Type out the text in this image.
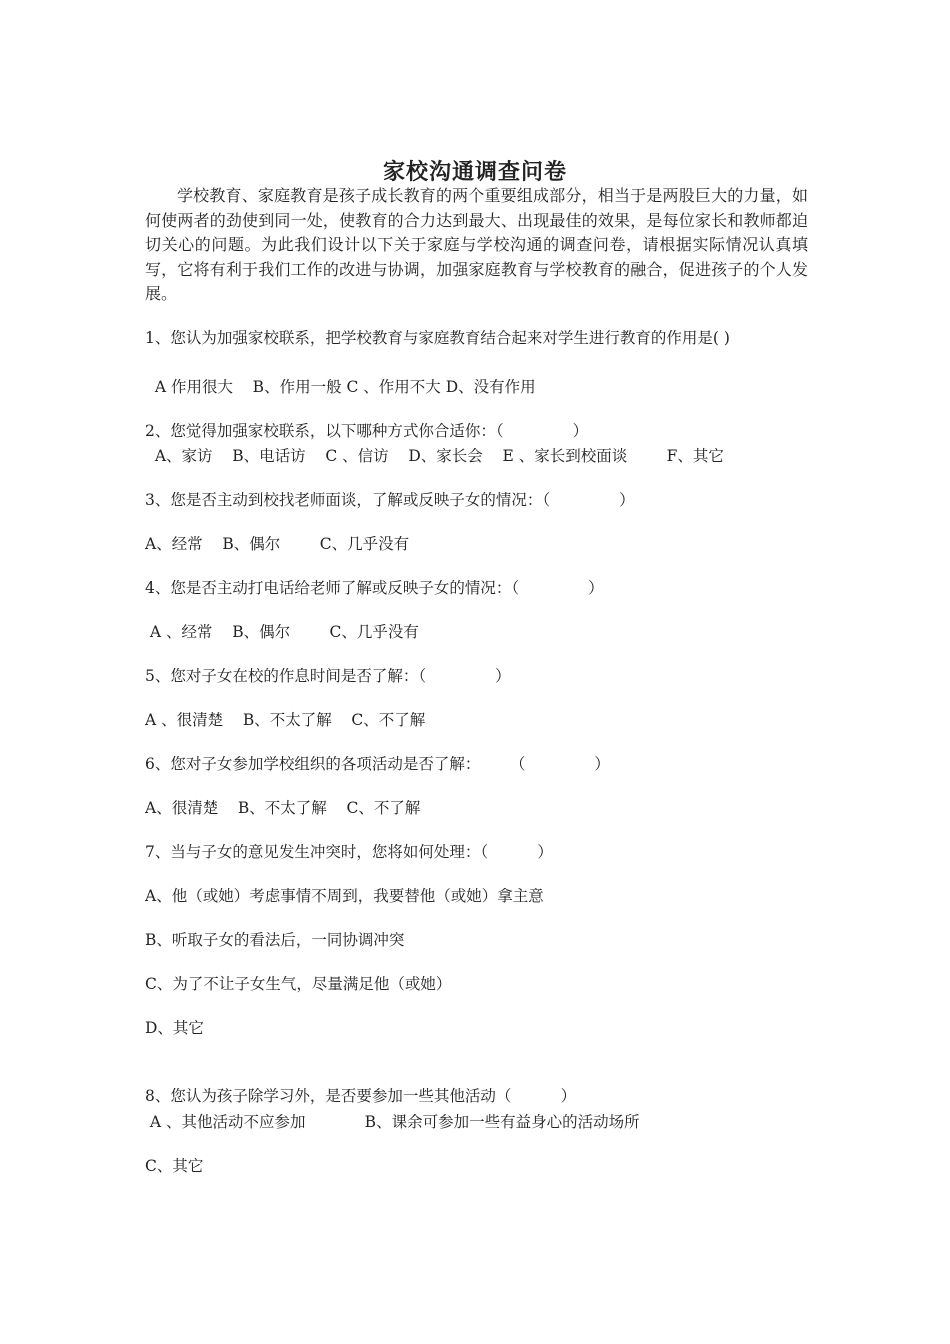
家校沟通调查问卷

学校教育、家庭教育是孩子成长教育的两个重要组成部分，相当于是两股巨大的力量，如何使两者的劲使到同一处，使教育的合力达到最大、出现最佳的效果，是每位家长和教师都迫切关心的问题。为此我们设计以下关于家庭与学校沟通的调查问卷，请根据实际情况认真填写，它将有利于我们工作的改进与协调，加强家庭教育与学校教育的融合，促进孩子的个人发展。

1、您认为加强家校联系，把学校教育与家庭教育结合起来对学生进行教育的作用是( )

A 作用很大    B、作用一般 C 、作用不大 D、没有作用

2、您觉得加强家校联系，以下哪种方式你合适你：（              ）

A、家访    B、电话访    C 、信访    D、家长会    E 、家长到校面谈        F、其它

3、您是否主动到校找老师面谈，了解或反映子女的情况：（              ）

A、经常    B、偶尔        C、几乎没有

4、您是否主动打电话给老师了解或反映子女的情况：（              ）

A 、经常    B、偶尔        C、几乎没有

5、您对子女在校的作息时间是否了解：（              ）

A 、很清楚    B、不太了解    C、不了解

6、您对子女参加学校组织的各项活动是否了解：      （              ）

A、很清楚    B、不太了解    C、不了解

7、当与子女的意见发生冲突时，您将如何处理：（          ）

A、他（或她）考虑事情不周到，我要替他（或她）拿主意

B、听取子女的看法后，一同协调冲突

C、为了不让子女生气，尽量满足他（或她）

D、其它

8、您认为孩子除学习外，是否要参加一些其他活动（          ）

A 、其他活动不应参加            B、课余可参加一些有益身心的活动场所

C、其它
